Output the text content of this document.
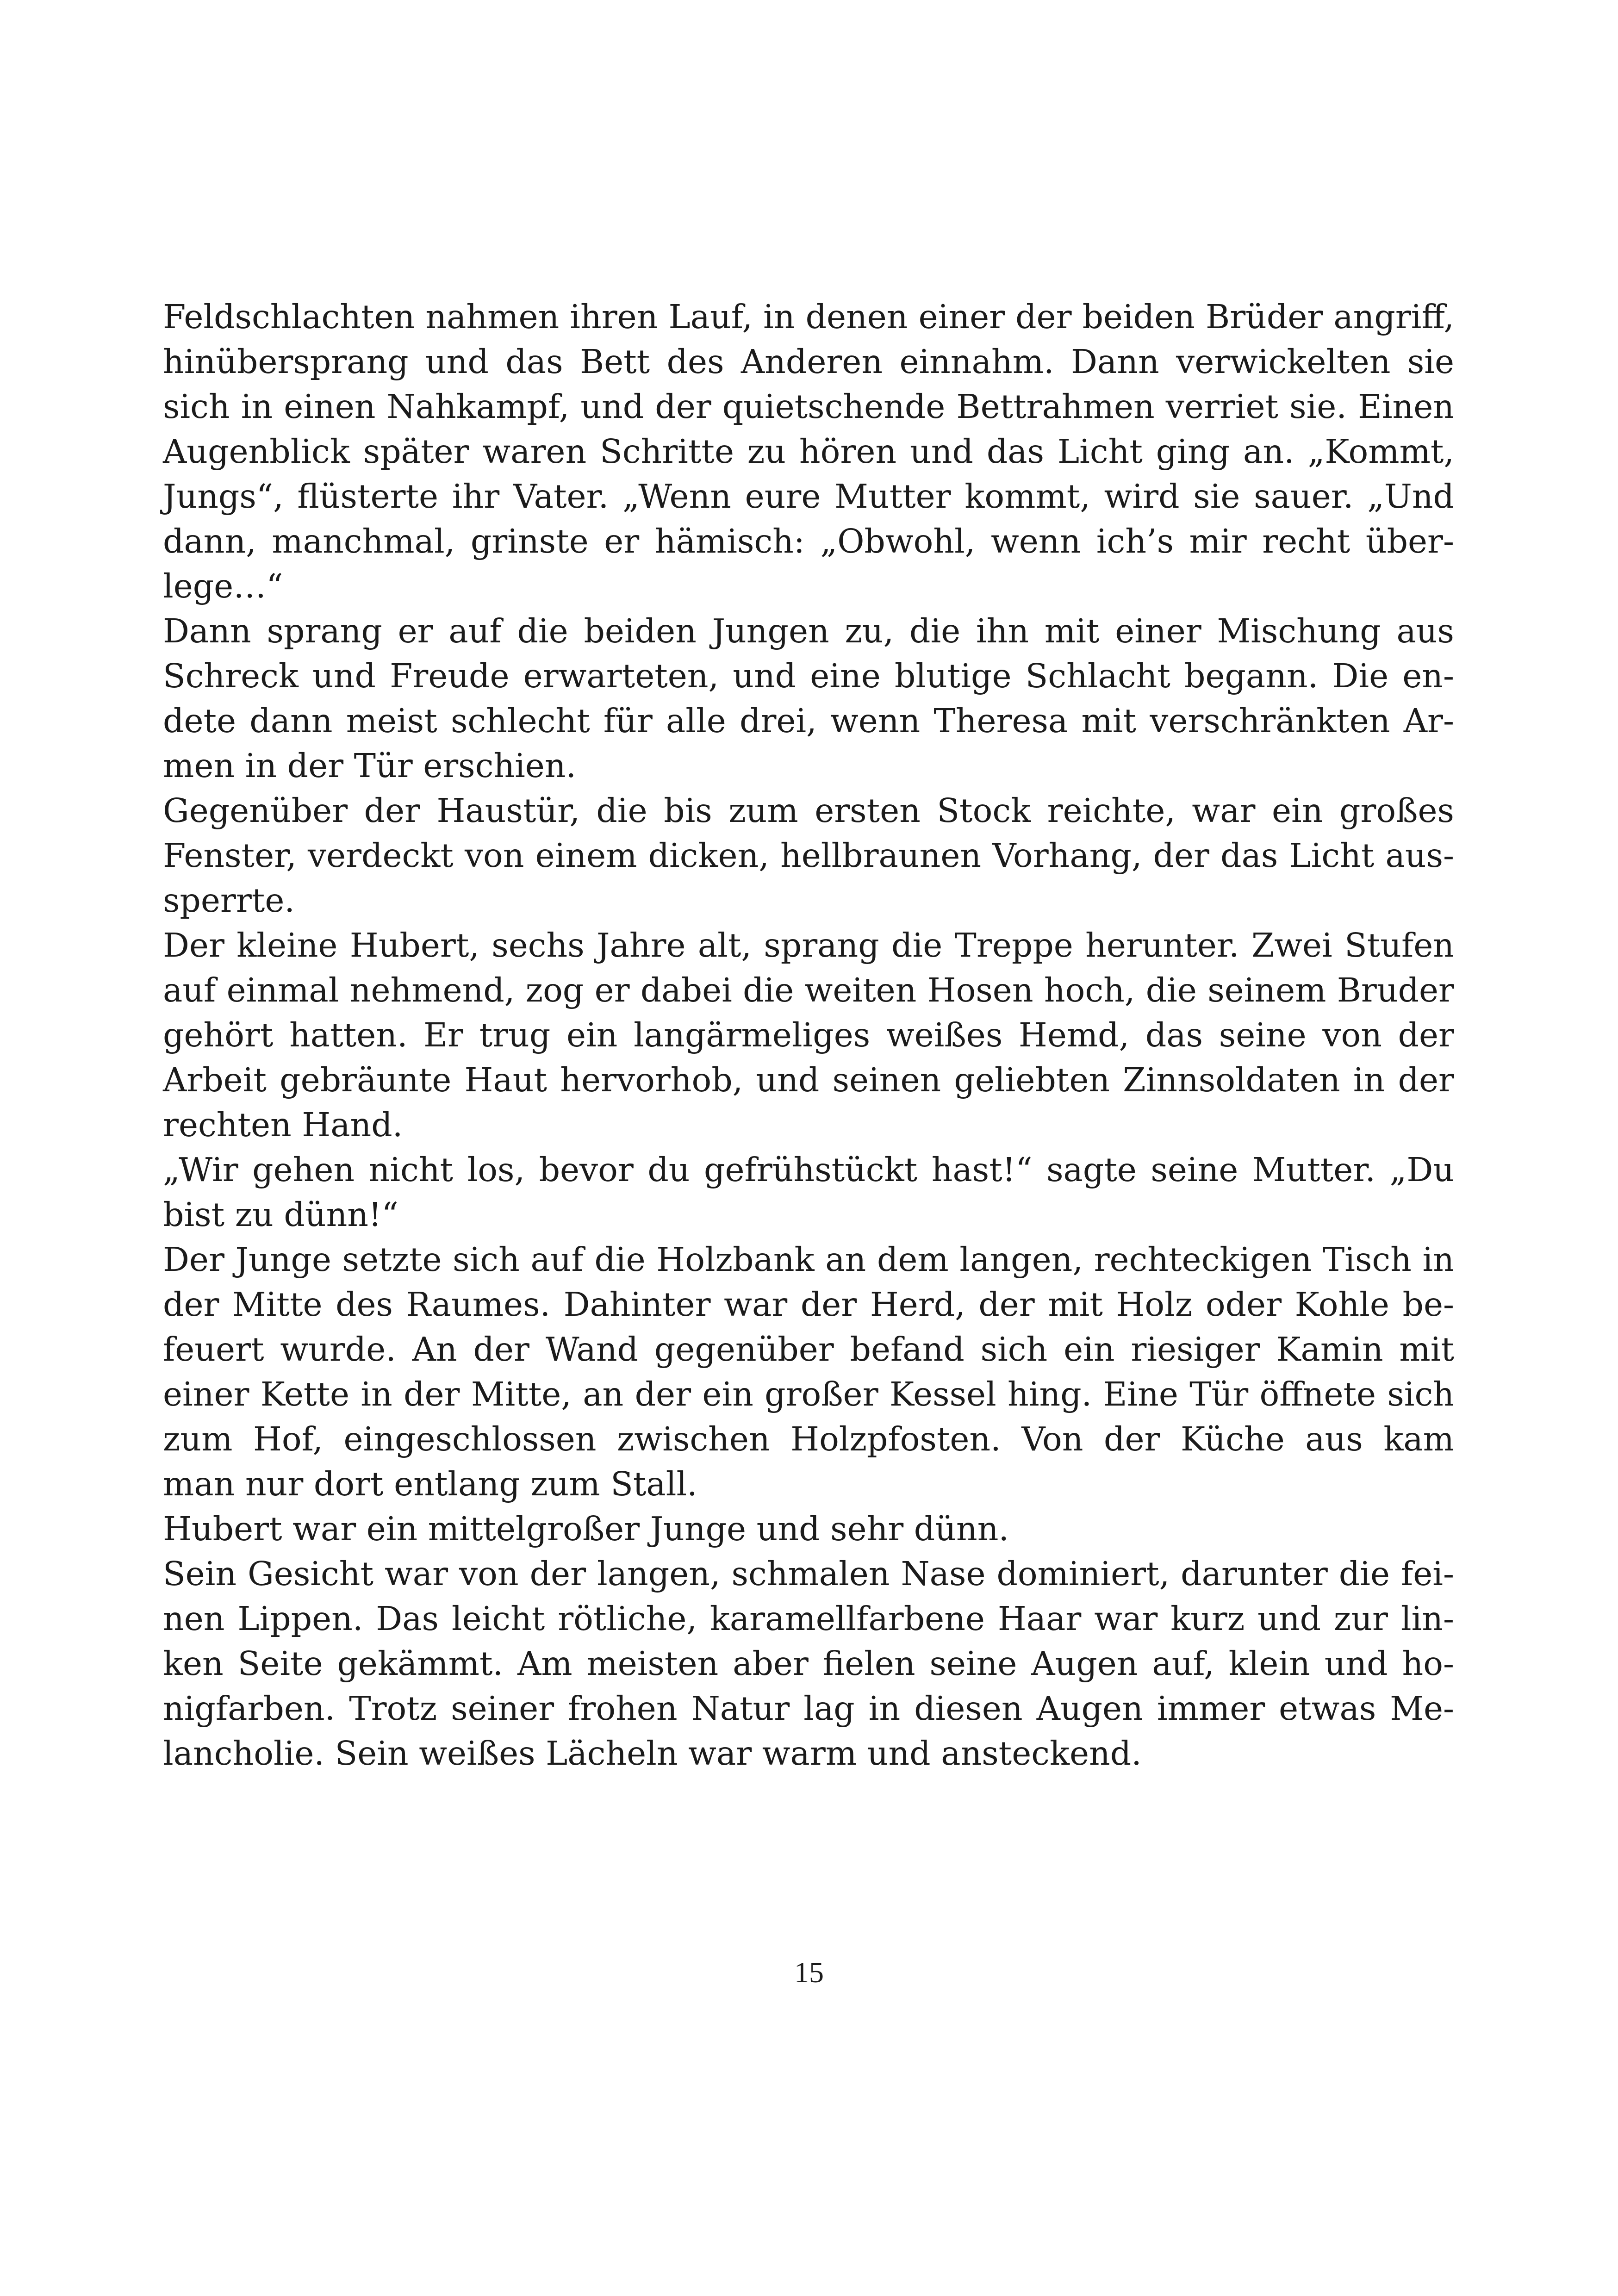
Feldschlachten nahmen ihren Lauf, in denen einer der beiden Brüder angriff,
hinübersprang und das Bett des Anderen einnahm. Dann verwickelten sie
sich in einen Nahkampf, und der quietschende Bettrahmen verriet sie. Einen
Augenblick später waren Schritte zu hören und das Licht ging an. „Kommt,
Jungs“, flüsterte ihr Vater. „Wenn eure Mutter kommt, wird sie sauer. „Und
dann, manchmal, grinste er hämisch: „Obwohl, wenn ich’s mir recht über-
lege…“

Dann sprang er auf die beiden Jungen zu, die ihn mit einer Mischung aus
Schreck und Freude erwarteten, und eine blutige Schlacht begann. Die en-
dete dann meist schlecht für alle drei, wenn Theresa mit verschränkten Ar-
men in der Tür erschien.

Gegenüber der Haustür, die bis zum ersten Stock reichte, war ein großes
Fenster, verdeckt von einem dicken, hellbraunen Vorhang, der das Licht aus-
sperrte.

Der kleine Hubert, sechs Jahre alt, sprang die Treppe herunter. Zwei Stufen
auf einmal nehmend, zog er dabei die weiten Hosen hoch, die seinem Bruder
gehört hatten. Er trug ein langärmeliges weißes Hemd, das seine von der
Arbeit gebräunte Haut hervorhob, und seinen geliebten Zinnsoldaten in der
rechten Hand.

„Wir gehen nicht los, bevor du gefrühstückt hast!“ sagte seine Mutter. „Du
bist zu dünn!“

Der Junge setzte sich auf die Holzbank an dem langen, rechteckigen Tisch in
der Mitte des Raumes. Dahinter war der Herd, der mit Holz oder Kohle be-
feuert wurde. An der Wand gegenüber befand sich ein riesiger Kamin mit
einer Kette in der Mitte, an der ein großer Kessel hing. Eine Tür öffnete sich
zum Hof, eingeschlossen zwischen Holzpfosten. Von der Küche aus kam
man nur dort entlang zum Stall.

Hubert war ein mittelgroßer Junge und sehr dünn.

Sein Gesicht war von der langen, schmalen Nase dominiert, darunter die fei-
nen Lippen. Das leicht rötliche, karamellfarbene Haar war kurz und zur lin-
ken Seite gekämmt. Am meisten aber fielen seine Augen auf, klein und ho-
nigfarben. Trotz seiner frohen Natur lag in diesen Augen immer etwas Me-
lancholie. Sein weißes Lächeln war warm und ansteckend.

15
